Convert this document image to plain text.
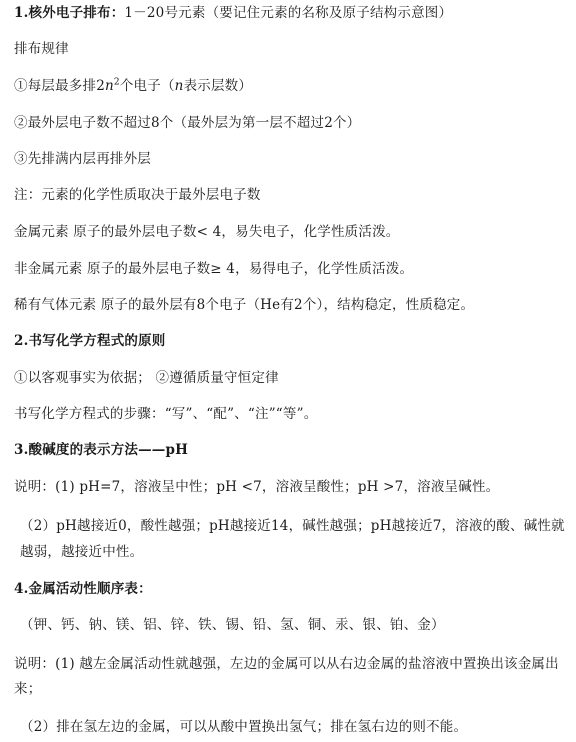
1.核外电子排布：1－20号元素（要记住元素的名称及原子结构示意图）
排布规律
①每层最多排$2n^2$个电子（n表示层数）
②最外层电子数不超过8个（最外层为第一层不超过2个）
③先排满内层再排外层
注：元素的化学性质取决于最外层电子数
金属元素 原子的最外层电子数< 4，易失电子，化学性质活泼。
非金属元素 原子的最外层电子数≥ 4，易得电子，化学性质活泼。
稀有气体元素 原子的最外层有8个电子（He有2个），结构稳定，性质稳定。
2.书写化学方程式的原则
①以客观事实为依据； ②遵循质量守恒定律
书写化学方程式的步骤：“写”、“配”、“注”“等”。
3.酸碱度的表示方法——pH
说明：(1) pH=7，溶液呈中性；pH <7，溶液呈酸性；pH >7，溶液呈碱性。
（2）pH越接近0，酸性越强；pH越接近14，碱性越强；pH越接近7，溶液的酸、碱性就越弱，越接近中性。
4.金属活动性顺序表：
（钾、钙、钠、镁、铝、锌、铁、锡、铅、氢、铜、汞、银、铂、金）
说明：(1) 越左金属活动性就越强，左边的金属可以从右边金属的盐溶液中置换出该金属出来；
（2）排在氢左边的金属，可以从酸中置换出氢气；排在氢右边的则不能。
